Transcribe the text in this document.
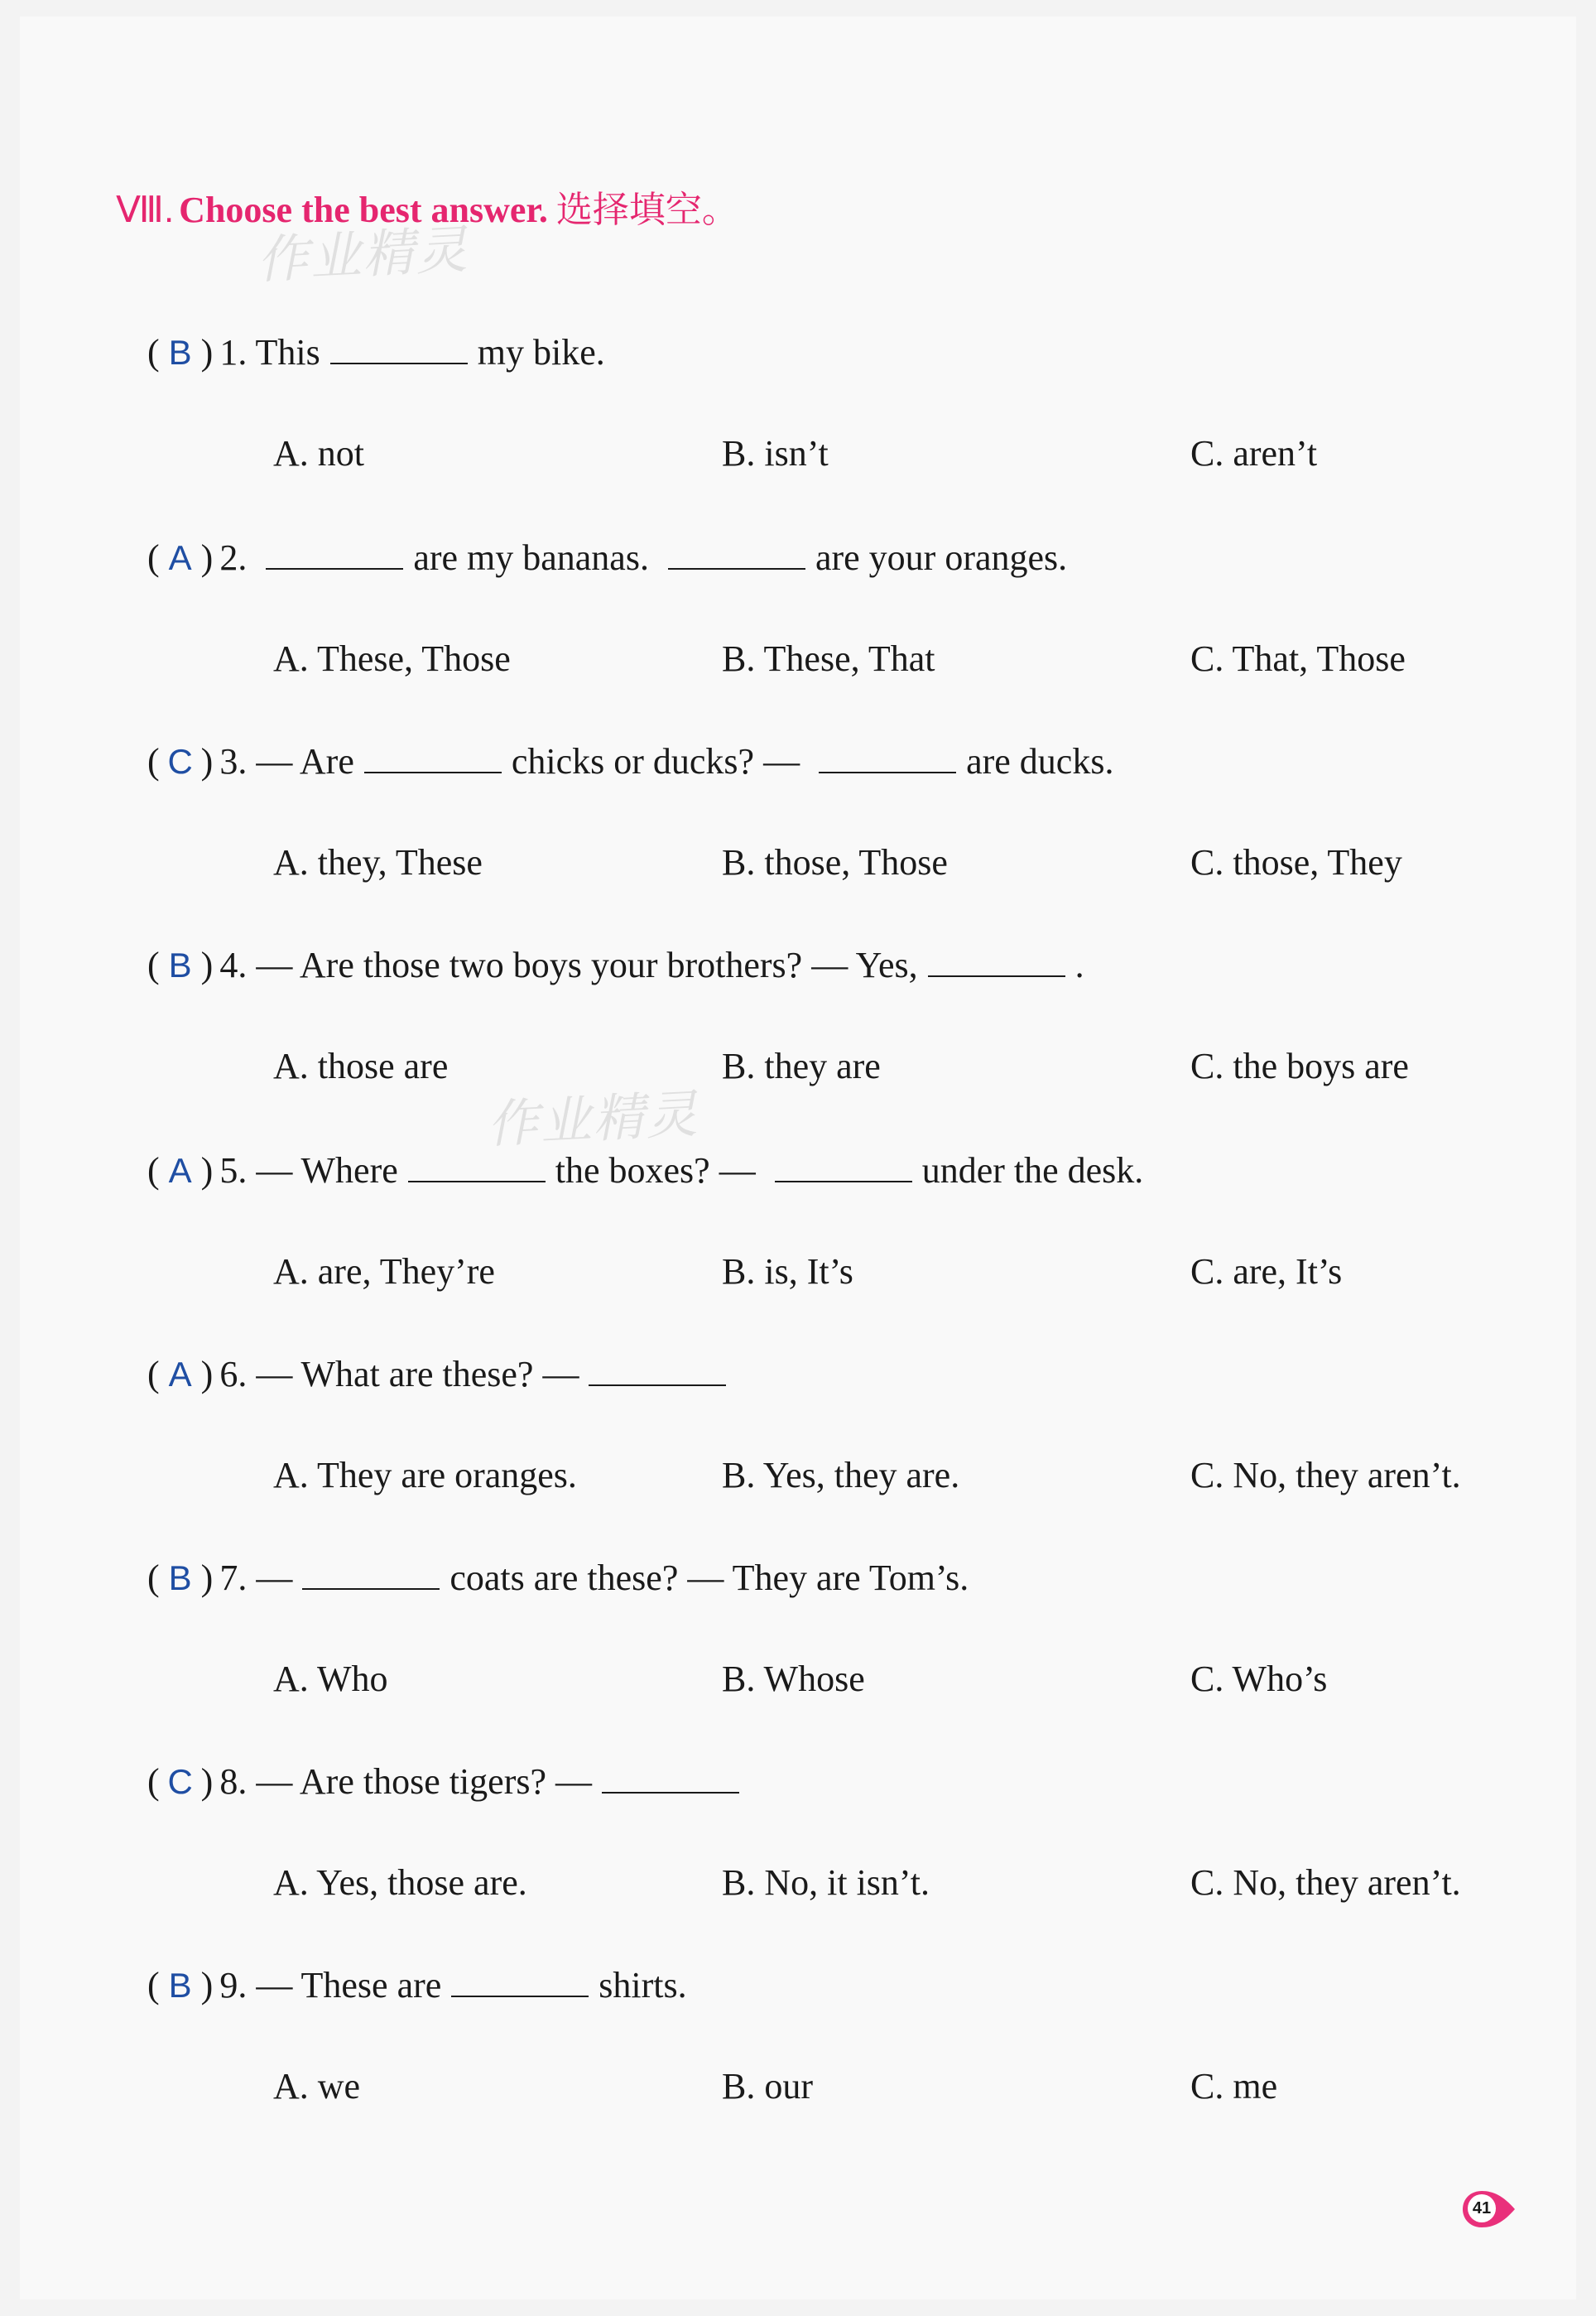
Ⅷ. Choose the best answer. 选择填空。
作业精灵
作业精灵
( B ) 1. This	my bike.
A. not	B. isn’t	C. aren’t
( A ) 2.	are my bananas.	are your oranges.
A. These, Those	B. These, That	C. That, Those
( C ) 3. — Are	chicks or ducks? —	are ducks.
A. they, These	B. those, Those	C. those, They
( B ) 4. — Are those two boys your brothers? — Yes,	.
A. those are	B. they are	C. the boys are
( A ) 5. — Where	the boxes? —	under the desk.
A. are, They’re	B. is, It’s	C. are, It’s
( A ) 6. — What are these? —
A. They are oranges.	B. Yes, they are.	C. No, they aren’t.
( B ) 7. —	coats are these? — They are Tom’s.
A. Who	B. Whose	C. Who’s
( C ) 8. — Are those tigers? —
A. Yes, those are.	B. No, it isn’t.	C. No, they aren’t.
( B ) 9. — These are	shirts.
A. we	B. our	C. me
41
